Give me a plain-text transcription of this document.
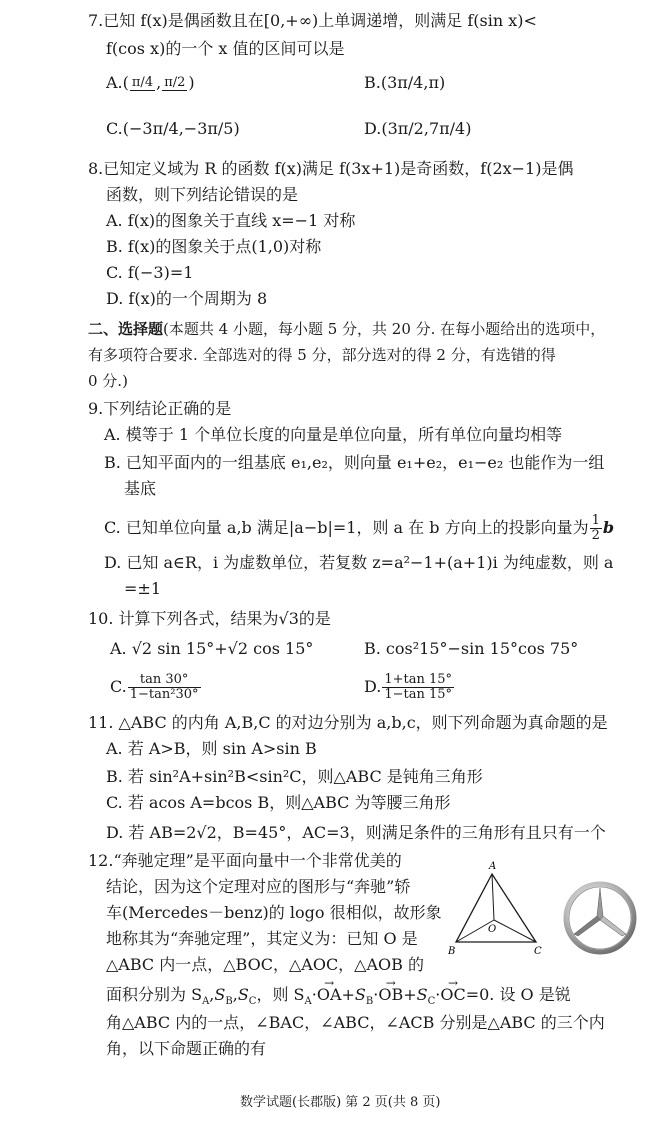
7.已知 f(x)是偶函数且在[0,+∞)上单调递增，则满足 f(sin x)<
f(cos x)的一个 x 值的区间可以是
A.( π/4 , π/2 )	B.(3π/4,π)
C.(−3π/4,−3π/5)	D.(3π/2,7π/4)
8.已知定义域为 R 的函数 f(x)满足 f(3x+1)是奇函数，f(2x−1)是偶
函数，则下列结论错误的是
A. f(x)的图象关于直线 x=−1 对称
B. f(x)的图象关于点(1,0)对称
C. f(−3)=1
D. f(x)的一个周期为 8
二、选择题(本题共 4 小题，每小题 5 分，共 20 分. 在每小题给出的选项中，
有多项符合要求. 全部选对的得 5 分，部分选对的得 2 分，有选错的得
0 分.)
9.下列结论正确的是
A. 模等于 1 个单位长度的向量是单位向量，所有单位向量均相等
B. 已知平面内的一组基底 e₁,e₂，则向量 e₁+e₂，e₁−e₂ 也能作为一组
基底
C. 已知单位向量 a,b 满足|a−b|=1，则 a 在 b 方向上的投影向量为 $\frac{1}{2}$ b
D. 已知 a∈R，i 为虚数单位，若复数 z=a²−1+(a+1)i 为纯虚数，则 a
=±1
10. 计算下列各式，结果为√3的是
A. √2 sin 15°+√2 cos 15°	B. cos²15°−sin 15°cos 75°
C. $\frac{\tan 30^\circ}{\text{1−tan²30°}}$	D. $\frac{1+\tan 15^\circ}{1-\tan 15^\circ}$
11. △ABC 的内角 A,B,C 的对边分别为 a,b,c，则下列命题为真命题的是
A. 若 A>B，则 sin A>sin B
B. 若 sin²A+sin²B<sin²C，则△ABC 是钝角三角形
C. 若 acos A=bcos B，则△ABC 为等腰三角形
D. 若 AB=2√2，B=45°，AC=3，则满足条件的三角形有且只有一个
12.“奔驰定理”是平面向量中一个非常优美的
结论，因为这个定理对应的图形与“奔驰”轿
车(Mercedes－benz)的 logo 很相似，故形象
地称其为“奔驰定理”，其定义为：已知 O 是
△ABC 内一点，△BOC，△AOC，△AOB 的
面积分别为 $S_A,S_B,S_C$，则 $S_A\cdot\to OA+S_B\cdot\to OB+S_C\cdot\to OC=0$. 设 O 是锐
角△ABC 内的一点，∠BAC，∠ABC，∠ACB 分别是△ABC 的三个内
角，以下命题正确的有
A
B	C
O
数学试题(长郡版) 第 2 页(共 8 页)
